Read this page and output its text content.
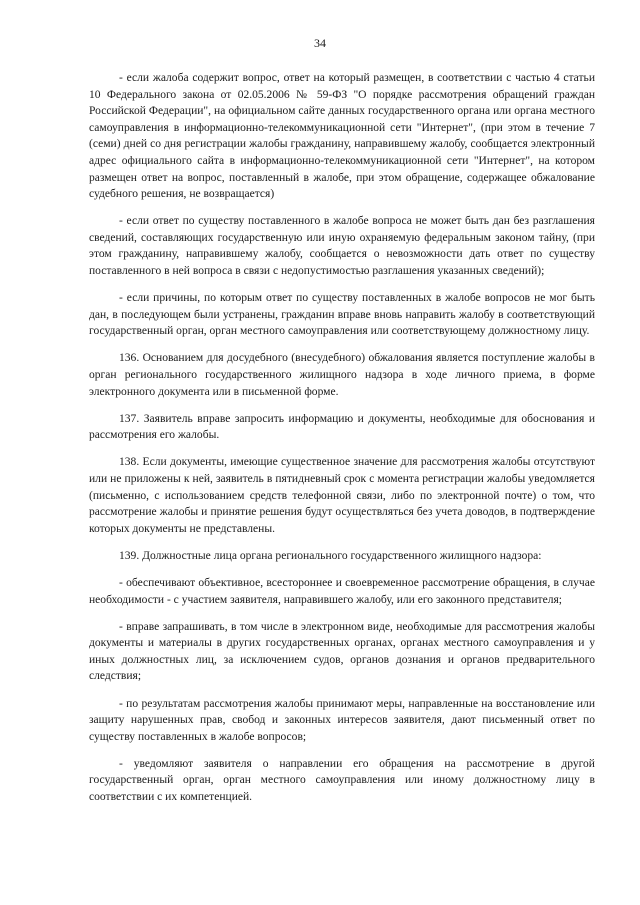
34

- если жалоба содержит вопрос, ответ на который размещен, в соответствии с частью 4 статьи 10 Федерального закона от 02.05.2006 № 59-ФЗ "О порядке рассмотрения обращений граждан Российской Федерации", на официальном сайте данных государственного органа или органа местного самоуправления в информационно-телекоммуникационной сети "Интернет", (при этом в течение 7 (семи) дней со дня регистрации жалобы гражданину, направившему жалобу, сообщается электронный адрес официального сайта в информационно-телекоммуникационной сети "Интернет", на котором размещен ответ на вопрос, поставленный в жалобе, при этом обращение, содержащее обжалование судебного решения, не возвращается)

- если ответ по существу поставленного в жалобе вопроса не может быть дан без разглашения сведений, составляющих государственную или иную охраняемую федеральным законом тайну, (при этом гражданину, направившему жалобу, сообщается о невозможности дать ответ по существу поставленного в ней вопроса в связи с недопустимостью разглашения указанных сведений);

- если причины, по которым ответ по существу поставленных в жалобе вопросов не мог быть дан, в последующем были устранены, гражданин вправе вновь направить жалобу в соответствующий государственный орган, орган местного самоуправления или соответствующему должностному лицу.

136. Основанием для досудебного (внесудебного) обжалования является поступление жалобы в орган регионального государственного жилищного надзора в ходе личного приема, в форме электронного документа или в письменной форме.

137. Заявитель вправе запросить информацию и документы, необходимые для обоснования и рассмотрения его жалобы.

138. Если документы, имеющие существенное значение для рассмотрения жалобы отсутствуют или не приложены к ней, заявитель в пятидневный срок с момента регистрации жалобы уведомляется (письменно, с использованием средств телефонной связи, либо по электронной почте) о том, что рассмотрение жалобы и принятие решения будут осуществляться без учета доводов, в подтверждение которых документы не представлены.

139. Должностные лица органа регионального государственного жилищного надзора:

- обеспечивают объективное, всестороннее и своевременное рассмотрение обращения, в случае необходимости - с участием заявителя, направившего жалобу, или его законного представителя;

- вправе запрашивать, в том числе в электронном виде, необходимые для рассмотрения жалобы документы и материалы в других государственных органах, органах местного самоуправления и у иных должностных лиц, за исключением судов, органов дознания и органов предварительного следствия;

- по результатам рассмотрения жалобы принимают меры, направленные на восстановление или защиту нарушенных прав, свобод и законных интересов заявителя, дают письменный ответ по существу поставленных в жалобе вопросов;

- уведомляют заявителя о направлении его обращения на рассмотрение в другой государственный орган, орган местного самоуправления или иному должностному лицу в соответствии с их компетенцией.
